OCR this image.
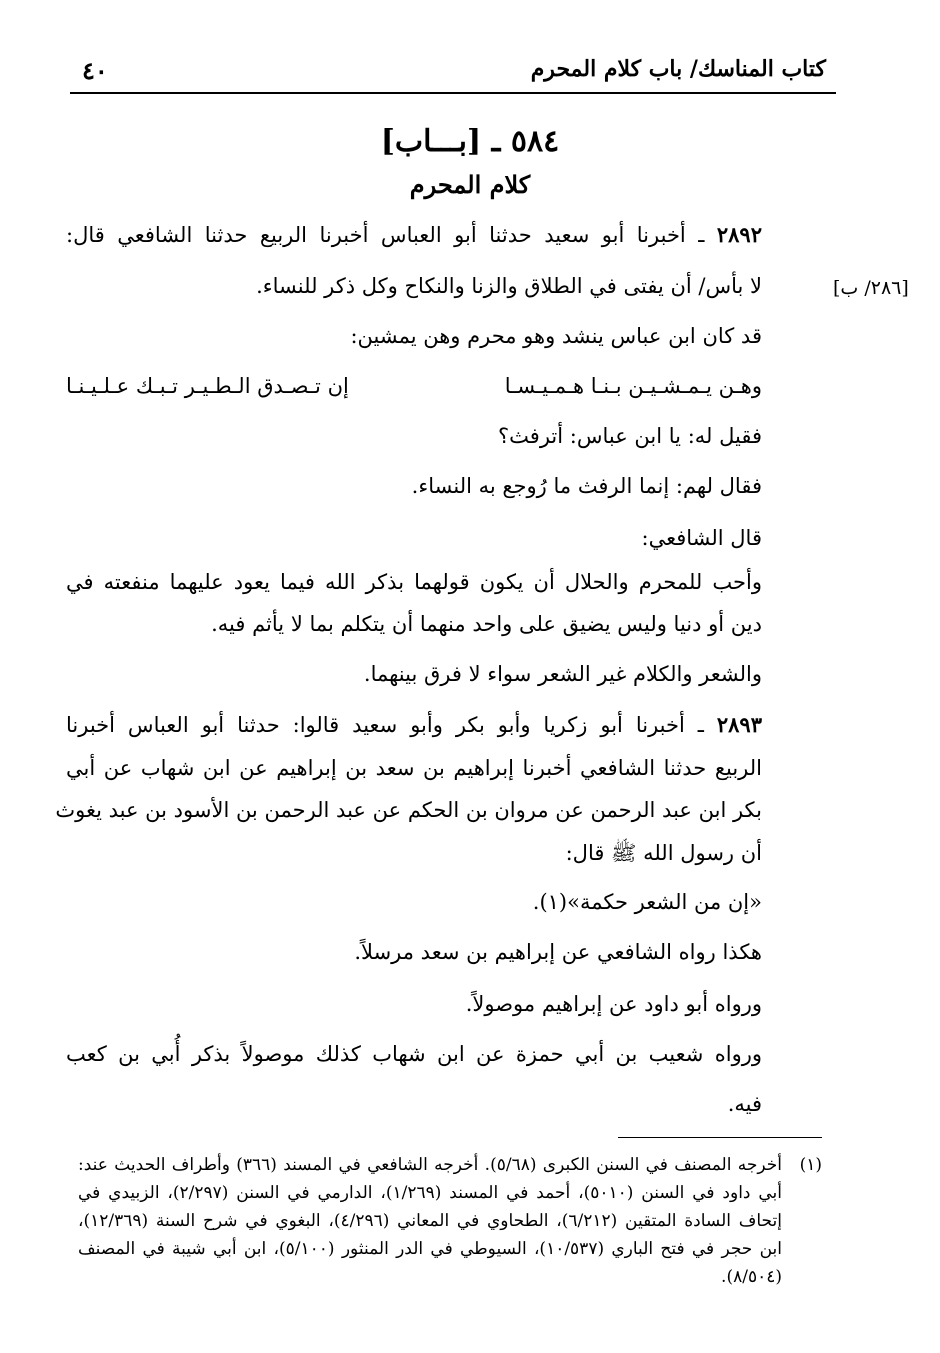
كتاب المناسك/ باب كلام المحرم
٤٠
٥٨٤ ـ [بـــاب]
كلام المحرم
[٢٨٦/ ب]
٢٨٩٢ ـ أخبرنا أبو سعيد حدثنا أبو العباس أخبرنا الربيع حدثنا الشافعي قال:
لا بأس/ أن يفتى في الطلاق والزنا والنكاح وكل ذكر للنساء.
قد كان ابن عباس ينشد وهو محرم وهن يمشين:
وهـن يـمـشـيـن بـنـا هـمـيـسـا
إن تـصـدق الـطـيـر تـبـك عـلـيـنـا
فقيل له: يا ابن عباس: أترفث؟
فقال لهم: إنما الرفث ما رُوجع به النساء.
قال الشافعي:
وأحب للمحرم والحلال أن يكون قولهما بذكر الله فيما يعود عليهما منفعته في
دين أو دنيا وليس يضيق على واحد منهما أن يتكلم بما لا يأثم فيه.
والشعر والكلام غير الشعر سواء لا فرق بينهما.
٢٨٩٣ ـ أخبرنا أبو زكريا وأبو بكر وأبو سعيد قالوا: حدثنا أبو العباس أخبرنا
الربيع حدثنا الشافعي أخبرنا إبراهيم بن سعد بن إبراهيم عن ابن شهاب عن أبي
بكر ابن عبد الرحمن عن مروان بن الحكم عن عبد الرحمن بن الأسود بن عبد يغوث
أن رسول الله ﷺ قال:
«إن من الشعر حكمة»(١).
هكذا رواه الشافعي عن إبراهيم بن سعد مرسلاً.
ورواه أبو داود عن إبراهيم موصولاً.
ورواه شعيب بن أبي حمزة عن ابن شهاب كذلك موصولاً بذكر أُبي بن كعب
فيه.
(١)
أخرجه المصنف في السنن الكبرى (٥/٦٨). أخرجه الشافعي في المسند (٣٦٦) وأطراف الحديث عند:
أبي داود في السنن (٥٠١٠)، أحمد في المسند (١/٢٦٩)، الدارمي في السنن (٢/٢٩٧)، الزبيدي في
إتحاف السادة المتقين (٦/٢١٢)، الطحاوي في المعاني (٤/٢٩٦)، البغوي في شرح السنة (١٢/٣٦٩)،
ابن حجر في فتح الباري (١٠/٥٣٧)، السيوطي في الدر المنثور (٥/١٠٠)، ابن أبي شيبة في المصنف
(٨/٥٠٤).
